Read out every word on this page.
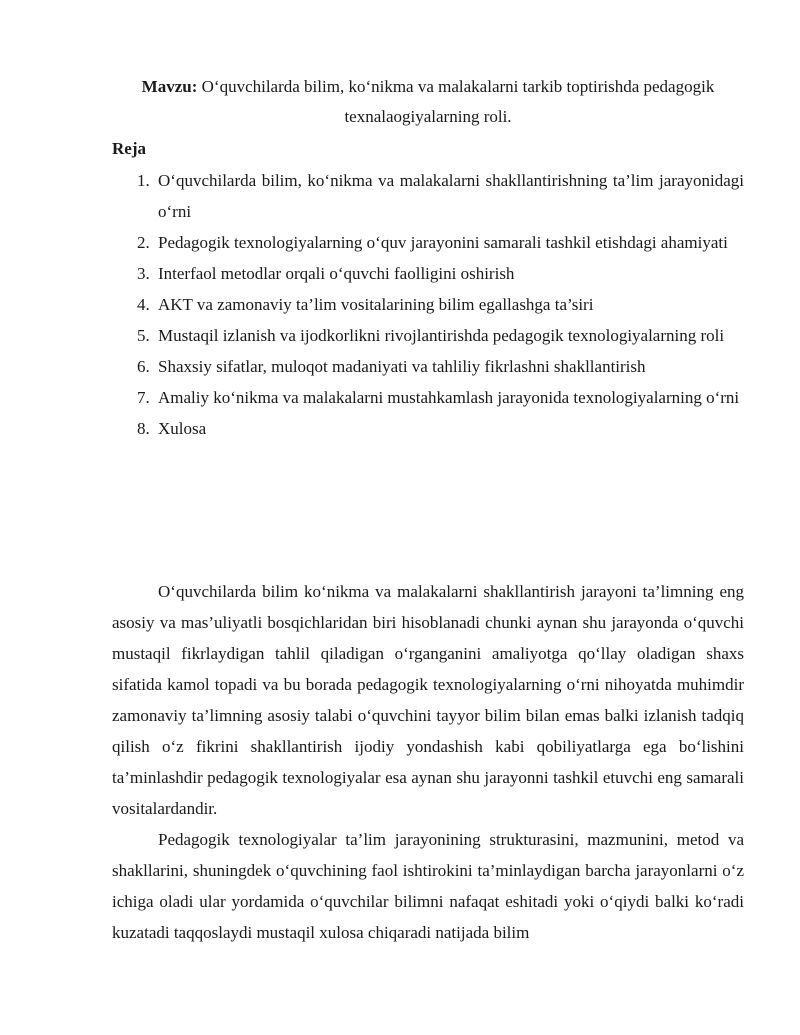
Mavzu: O‘quvchilarda bilim, ko‘nikma va malakalarni tarkib toptirishda pedagogik texnalaogiyalarning roli.
Reja
1. O‘quvchilarda bilim, ko‘nikma va malakalarni shakllantirishning ta’lim jarayonidagi o‘rni
2. Pedagogik texnologiyalarning o‘quv jarayonini samarali tashkil etishdagi ahamiyati
3. Interfaol metodlar orqali o‘quvchi faolligini oshirish
4. AKT va zamonaviy ta’lim vositalarining bilim egallashga ta’siri
5. Mustaqil izlanish va ijodkorlikni rivojlantirishda pedagogik texnologiyalarning roli
6. Shaxsiy sifatlar, muloqot madaniyati va tahliliy fikrlashni shakllantirish
7. Amaliy ko‘nikma va malakalarni mustahkamlash jarayonida texnologiyalarning o‘rni
8. Xulosa

O‘quvchilarda bilim ko‘nikma va malakalarni shakllantirish jarayoni ta’limning eng asosiy va mas’uliyatli bosqichlaridan biri hisoblanadi chunki aynan shu jarayonda o‘quvchi mustaqil fikrlaydigan tahlil qiladigan o‘rganganini amaliyotga qo‘llay oladigan shaxs sifatida kamol topadi va bu borada pedagogik texnologiyalarning o‘rni nihoyatda muhimdir zamonaviy ta’limning asosiy talabi o‘quvchini tayyor bilim bilan emas balki izlanish tadqiq qilish o‘z fikrini shakllantirish ijodiy yondashish kabi qobiliyatlarga ega bo‘lishini ta’minlashdir pedagogik texnologiyalar esa aynan shu jarayonni tashkil etuvchi eng samarali vositalardandir.

Pedagogik texnologiyalar ta’lim jarayonining strukturasini, mazmunini, metod va shakllarini, shuningdek o‘quvchining faol ishtirokini ta’minlaydigan barcha jarayonlarni o‘z ichiga oladi ular yordamida o‘quvchilar bilimni nafaqat eshitadi yoki o‘qiydi balki ko‘radi kuzatadi taqqoslaydi mustaqil xulosa chiqaradi natijada bilim
